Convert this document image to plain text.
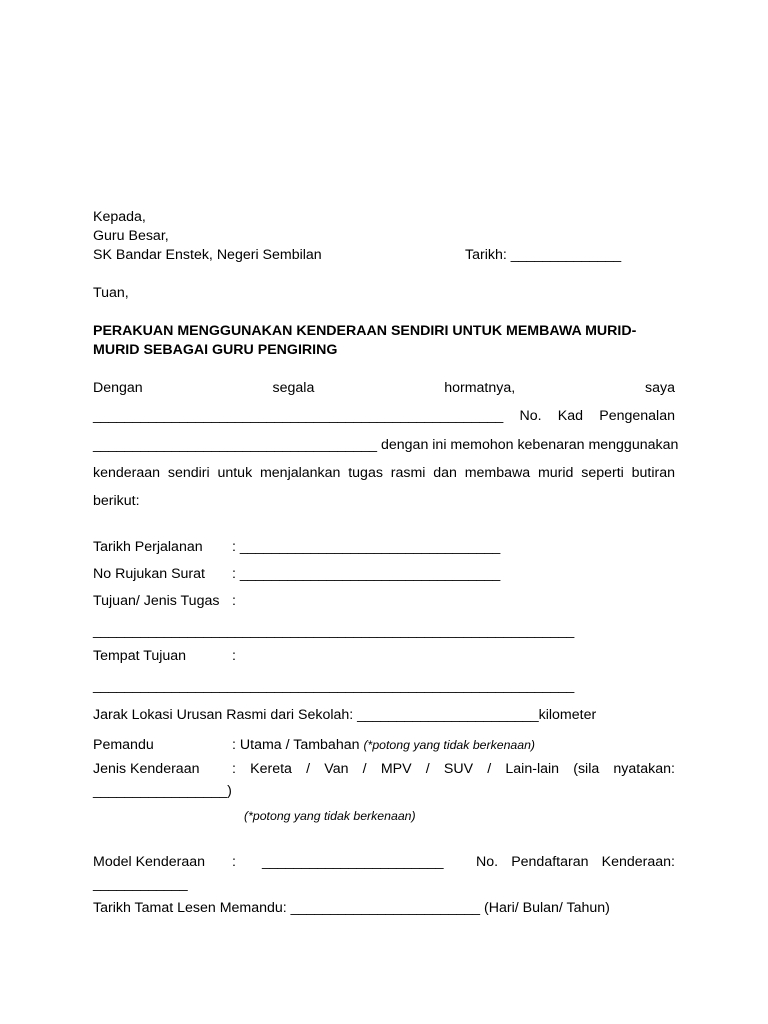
Kepada,
Guru Besar,
SK Bandar Enstek, Negeri Sembilan	Tarikh: ______________
Tuan,
PERAKUAN MENGGUNAKAN KENDERAAN SENDIRI UNTUK MEMBAWA MURID-
MURID SEBAGAI GURU PENGIRING
Dengan	segala	hormatnya,	saya
____________________________________________________ No. Kad Pengenalan
____________________________________ dengan ini memohon kebenaran menggunakan
kenderaan sendiri untuk menjalankan tugas rasmi dan membawa murid seperti butiran
berikut:
Tarikh Perjalanan : _________________________________
No Rujukan Surat : _________________________________
Tujuan/ Jenis Tugas :
_____________________________________________________________
Tempat Tujuan	:
_____________________________________________________________
Jarak Lokasi Urusan Rasmi dari Sekolah: _______________________kilometer
Pemandu	: Utama / Tambahan (*potong yang tidak berkenaan)
Jenis Kenderaan : Kereta / Van / MPV / SUV / Lain-lain (sila nyatakan:
_________________)
(*potong yang tidak berkenaan)
Model Kenderaan : _______________________ No. Pendaftaran Kenderaan:
____________
Tarikh Tamat Lesen Memandu: ________________________ (Hari/ Bulan/ Tahun)
